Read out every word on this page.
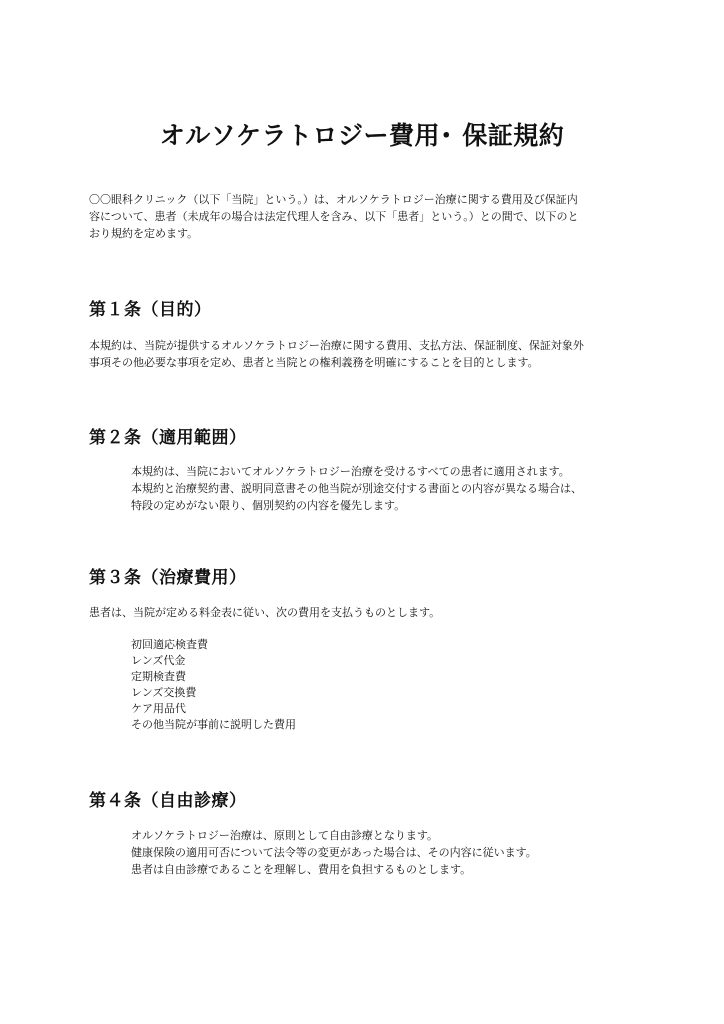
オルソケラトロジー費用･ 保証規約

〇〇眼科クリニック（以下「当院」という。）は、オルソケラトロジー治療に関する費用及び保証内
容について、患者（未成年の場合は法定代理人を含み、以下「患者」という。）との間で、以下のと
おり規約を定めます。

第１条（目的）

本規約は、当院が提供するオルソケラトロジー治療に関する費用、支払方法、保証制度、保証対象外
事項その他必要な事項を定め、患者と当院との権利義務を明確にすることを目的とします。

第２条（適用範囲）

本規約は、当院においてオルソケラトロジー治療を受けるすべての患者に適用されます。
本規約と治療契約書、説明同意書その他当院が別途交付する書面との内容が異なる場合は、
特段の定めがない限り、個別契約の内容を優先します。

第３条（治療費用）

患者は、当院が定める料金表に従い、次の費用を支払うものとします。

初回適応検査費
レンズ代金
定期検査費
レンズ交換費
ケア用品代
その他当院が事前に説明した費用
第４条（自由診療）

オルソケラトロジー治療は、原則として自由診療となります。
健康保険の適用可否について法令等の変更があった場合は、その内容に従います。
患者は自由診療であることを理解し、費用を負担するものとします。
